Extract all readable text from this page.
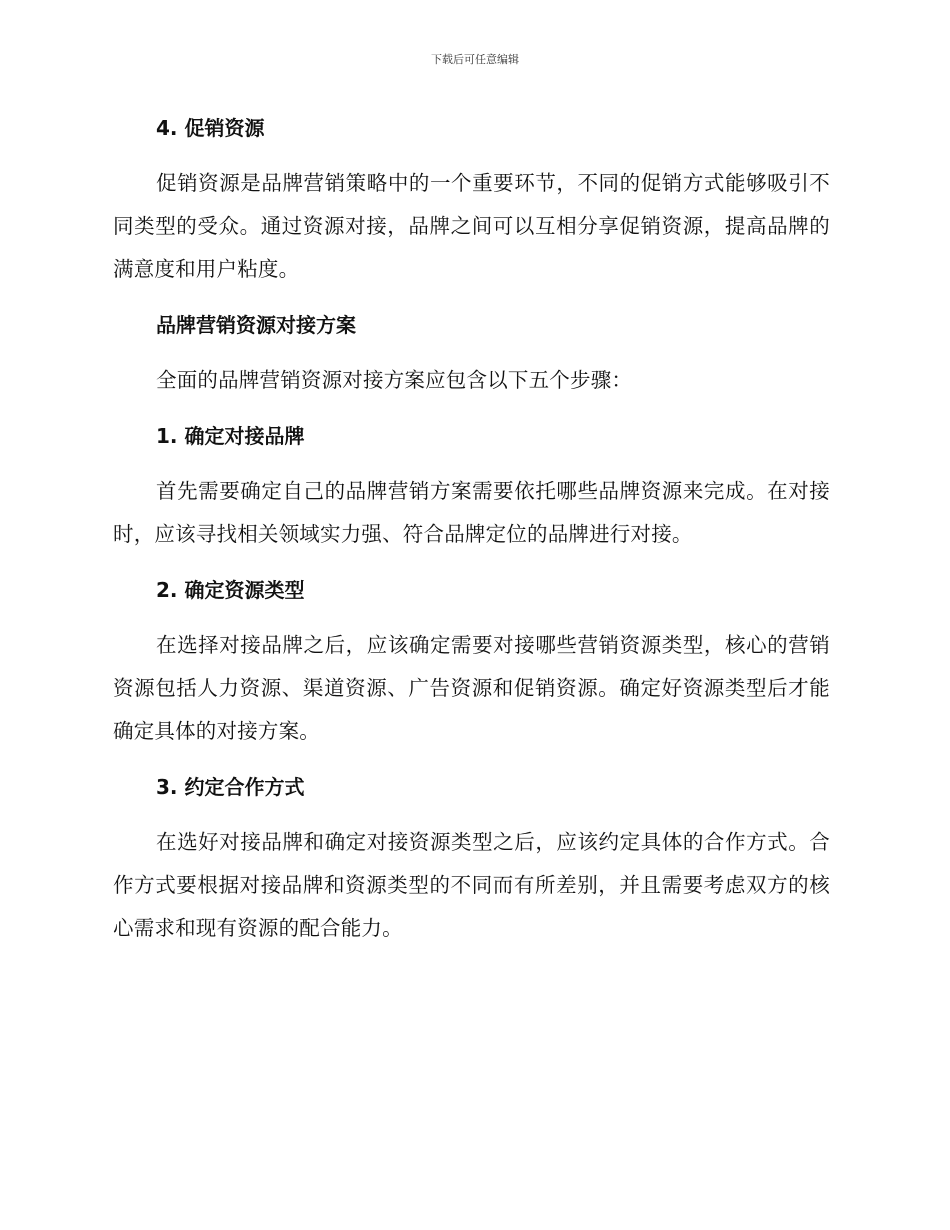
下载后可任意编辑
4. 促销资源

促销资源是品牌营销策略中的一个重要环节，不同的促销方式能够吸引不同类型的受众。通过资源对接，品牌之间可以互相分享促销资源，提高品牌的满意度和用户粘度。

品牌营销资源对接方案

全面的品牌营销资源对接方案应包含以下五个步骤：

1. 确定对接品牌

首先需要确定自己的品牌营销方案需要依托哪些品牌资源来完成。在对接时，应该寻找相关领域实力强、符合品牌定位的品牌进行对接。

2. 确定资源类型

在选择对接品牌之后，应该确定需要对接哪些营销资源类型，核心的营销资源包括人力资源、渠道资源、广告资源和促销资源。确定好资源类型后才能确定具体的对接方案。

3. 约定合作方式

在选好对接品牌和确定对接资源类型之后，应该约定具体的合作方式。合作方式要根据对接品牌和资源类型的不同而有所差别，并且需要考虑双方的核心需求和现有资源的配合能力。
